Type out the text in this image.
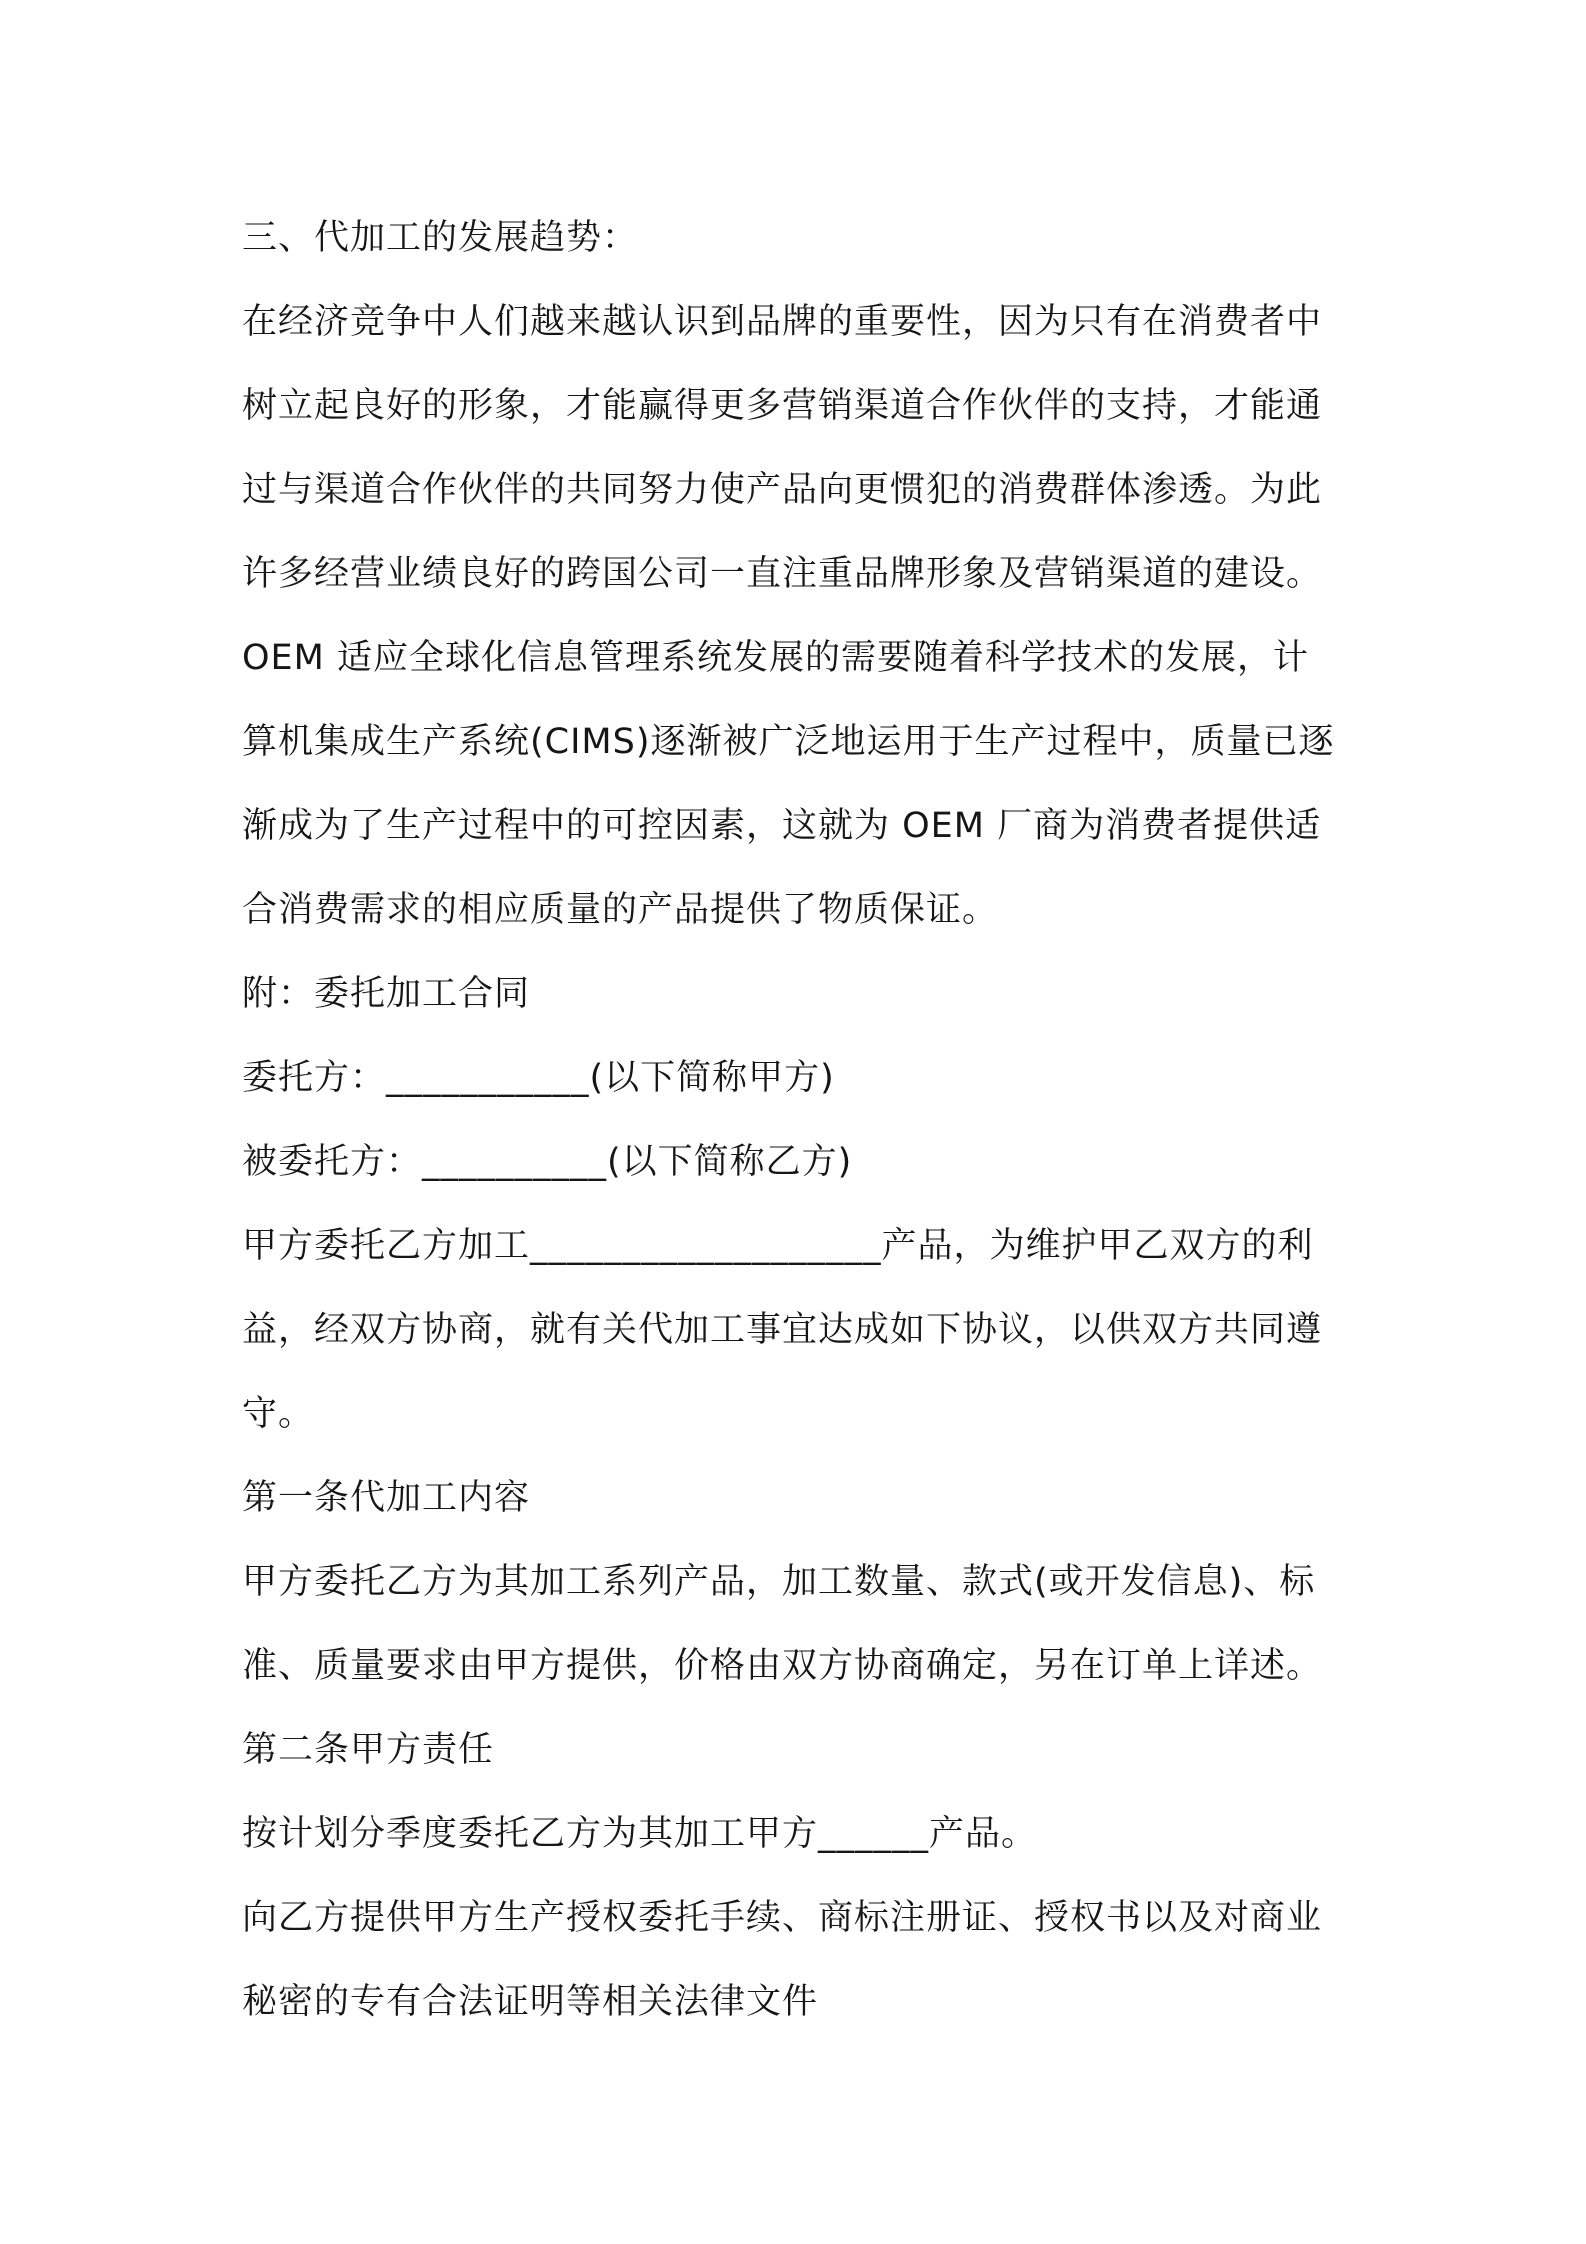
三、代加工的发展趋势：
在经济竞争中人们越来越认识到品牌的重要性，因为只有在消费者中
树立起良好的形象，才能赢得更多营销渠道合作伙伴的支持，才能通
过与渠道合作伙伴的共同努力使产品向更惯犯的消费群体渗透。为此
许多经营业绩良好的跨国公司一直注重品牌形象及营销渠道的建设。
OEM 适应全球化信息管理系统发展的需要随着科学技术的发展，计
算机集成生产系统(CIMS)逐渐被广泛地运用于生产过程中，质量已逐
渐成为了生产过程中的可控因素，这就为 OEM 厂商为消费者提供适
合消费需求的相应质量的产品提供了物质保证。
附：委托加工合同
委托方：___________(以下简称甲方)
被委托方：__________(以下简称乙方)
甲方委托乙方加工___________________产品，为维护甲乙双方的利
益，经双方协商，就有关代加工事宜达成如下协议，以供双方共同遵
守。
第一条代加工内容
甲方委托乙方为其加工系列产品，加工数量、款式(或开发信息)、标
准、质量要求由甲方提供，价格由双方协商确定，另在订单上详述。
第二条甲方责任
按计划分季度委托乙方为其加工甲方______产品。
向乙方提供甲方生产授权委托手续、商标注册证、授权书以及对商业
秘密的专有合法证明等相关法律文件
